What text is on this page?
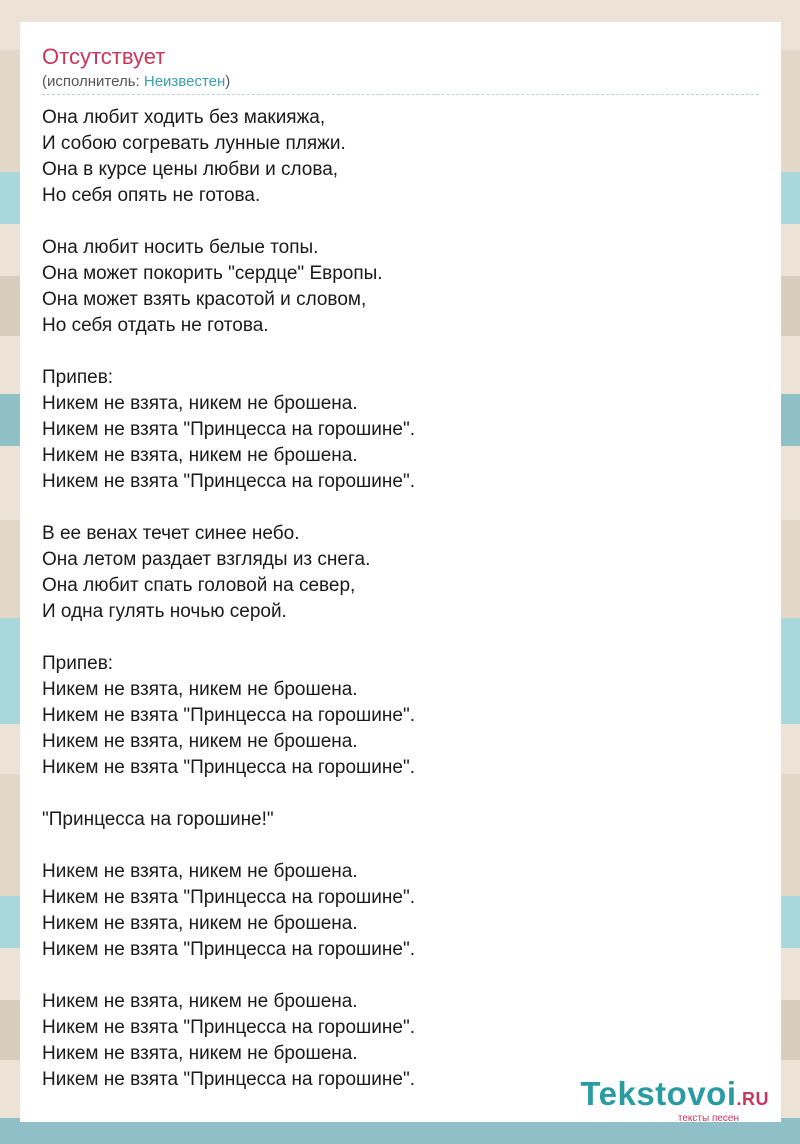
Отсутствует
(исполнитель: Неизвестен)
Она любит ходить без макияжа,
И собою согревать лунные пляжи.
Она в курсе цены любви и слова,
Но себя опять не готова.
Она любит носить белые топы.
Она может покорить "сердце" Европы.
Она может взять красотой и словом,
Но себя отдать не готова.
Припев:
Никем не взята, никем не брошена.
Никем не взята "Принцесса на горошине".
Никем не взята, никем не брошена.
Никем не взята "Принцесса на горошине".
В ее венах течет синее небо.
Она летом раздает взгляды из снега.
Она любит спать головой на север,
И одна гулять ночью серой.
Припев:
Никем не взята, никем не брошена.
Никем не взята "Принцесса на горошине".
Никем не взята, никем не брошена.
Никем не взята "Принцесса на горошине".
"Принцесса на горошине!"
Никем не взята, никем не брошена.
Никем не взята "Принцесса на горошине".
Никем не взята, никем не брошена.
Никем не взята "Принцесса на горошине".
Никем не взята, никем не брошена.
Никем не взята "Принцесса на горошине".
Никем не взята, никем не брошена.
Никем не взята "Принцесса на горошине".	Tekstovoi.RU
тексты песен
